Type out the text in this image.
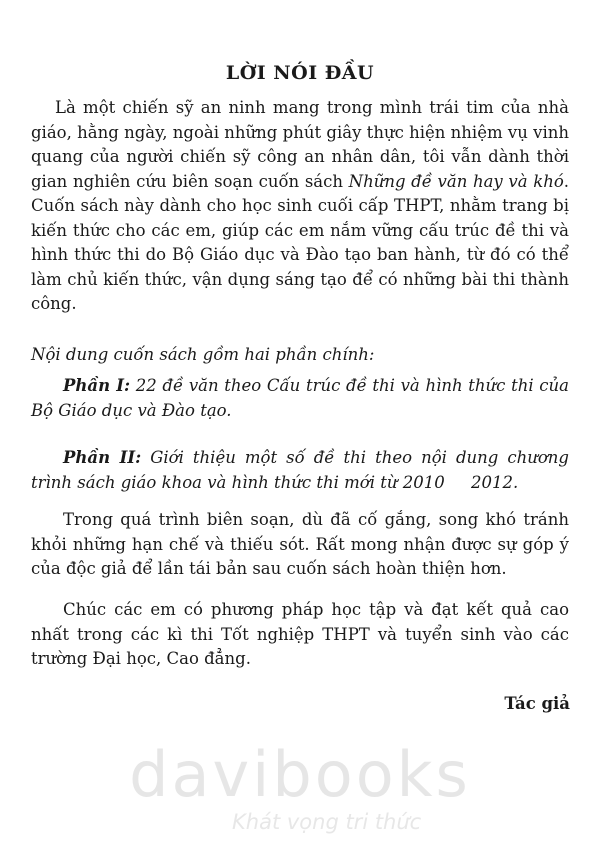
LỜI NÓI ĐẦU
Là một chiến sỹ an ninh mang trong mình trái tim của nhà giáo, hằng ngày, ngoài những phút giây thực hiện nhiệm vụ vinh quang của người chiến sỹ công an nhân dân, tôi vẫn dành thời gian nghiên cứu biên soạn cuốn sách Những đề văn hay và khó. Cuốn sách này dành cho học sinh cuối cấp THPT, nhằm trang bị kiến thức cho các em, giúp các em nắm vững cấu trúc đề thi và hình thức thi do Bộ Giáo dục và Đào tạo ban hành, từ đó có thể làm chủ kiến thức, vận dụng sáng tạo để có những bài thi thành công.
Nội dung cuốn sách gồm hai phần chính:
Phần I: 22 đề văn theo Cấu trúc đề thi và hình thức thi của Bộ Giáo dục và Đào tạo.
Phần II: Giới thiệu một số đề thi theo nội dung chương trình sách giáo khoa và hình thức thi mới từ 2010     2012.
Trong quá trình biên soạn, dù đã cố gắng, song khó tránh khỏi những hạn chế và thiếu sót. Rất mong nhận được sự góp ý của độc giả để lần tái bản sau cuốn sách hoàn thiện hơn.
Chúc các em có phương pháp học tập và đạt kết quả cao nhất trong các kì thi Tốt nghiệp THPT và tuyển sinh vào các trường Đại học, Cao đẳng.
Tác giả
davibooks
Khát vọng tri thức
